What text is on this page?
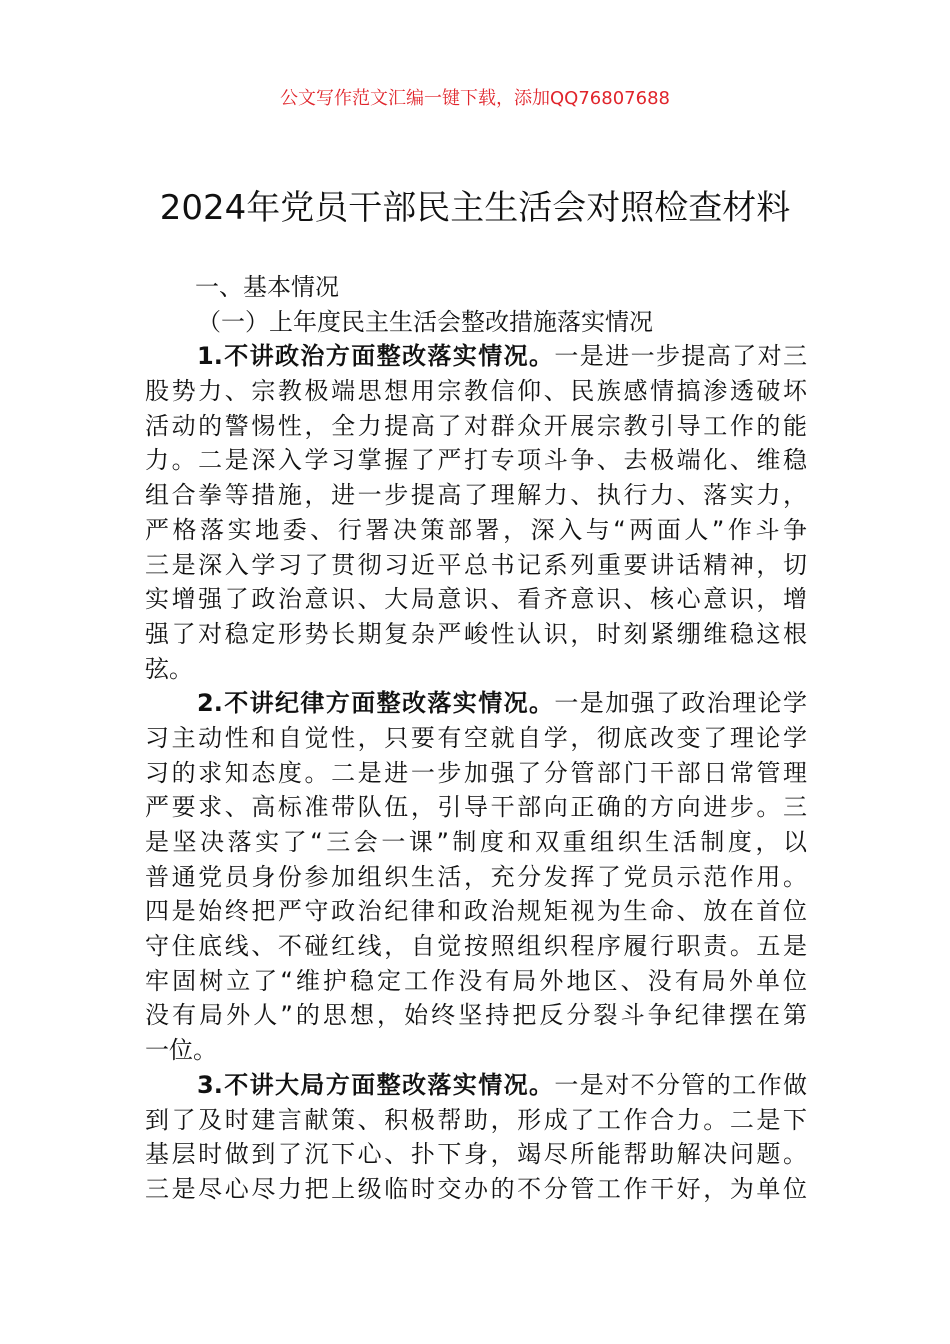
公文写作范文汇编一键下载，添加QQ76807688
2024年党员干部民主生活会对照检查材料
一、基本情况
（一）上年度民主生活会整改措施落实情况
1.不讲政治方面整改落实情况。一是进一步提高了对三
股势力、宗教极端思想用宗教信仰、民族感情搞渗透破坏
活动的警惕性，全力提高了对群众开展宗教引导工作的能
力。二是深入学习掌握了严打专项斗争、去极端化、维稳
组合拳等措施，进一步提高了理解力、执行力、落实力，
严格落实地委、行署决策部署，深入与“两面人”作斗争
三是深入学习了贯彻习近平总书记系列重要讲话精神，切
实增强了政治意识、大局意识、看齐意识、核心意识，增
强了对稳定形势长期复杂严峻性认识，时刻紧绷维稳这根
弦。
2.不讲纪律方面整改落实情况。一是加强了政治理论学
习主动性和自觉性，只要有空就自学，彻底改变了理论学
习的求知态度。二是进一步加强了分管部门干部日常管理
严要求、高标准带队伍，引导干部向正确的方向进步。三
是坚决落实了“三会一课”制度和双重组织生活制度，以
普通党员身份参加组织生活，充分发挥了党员示范作用。
四是始终把严守政治纪律和政治规矩视为生命、放在首位
守住底线、不碰红线，自觉按照组织程序履行职责。五是
牢固树立了“维护稳定工作没有局外地区、没有局外单位
没有局外人”的思想，始终坚持把反分裂斗争纪律摆在第
一位。
3.不讲大局方面整改落实情况。一是对不分管的工作做
到了及时建言献策、积极帮助，形成了工作合力。二是下
基层时做到了沉下心、扑下身，竭尽所能帮助解决问题。
三是尽心尽力把上级临时交办的不分管工作干好，为单位
